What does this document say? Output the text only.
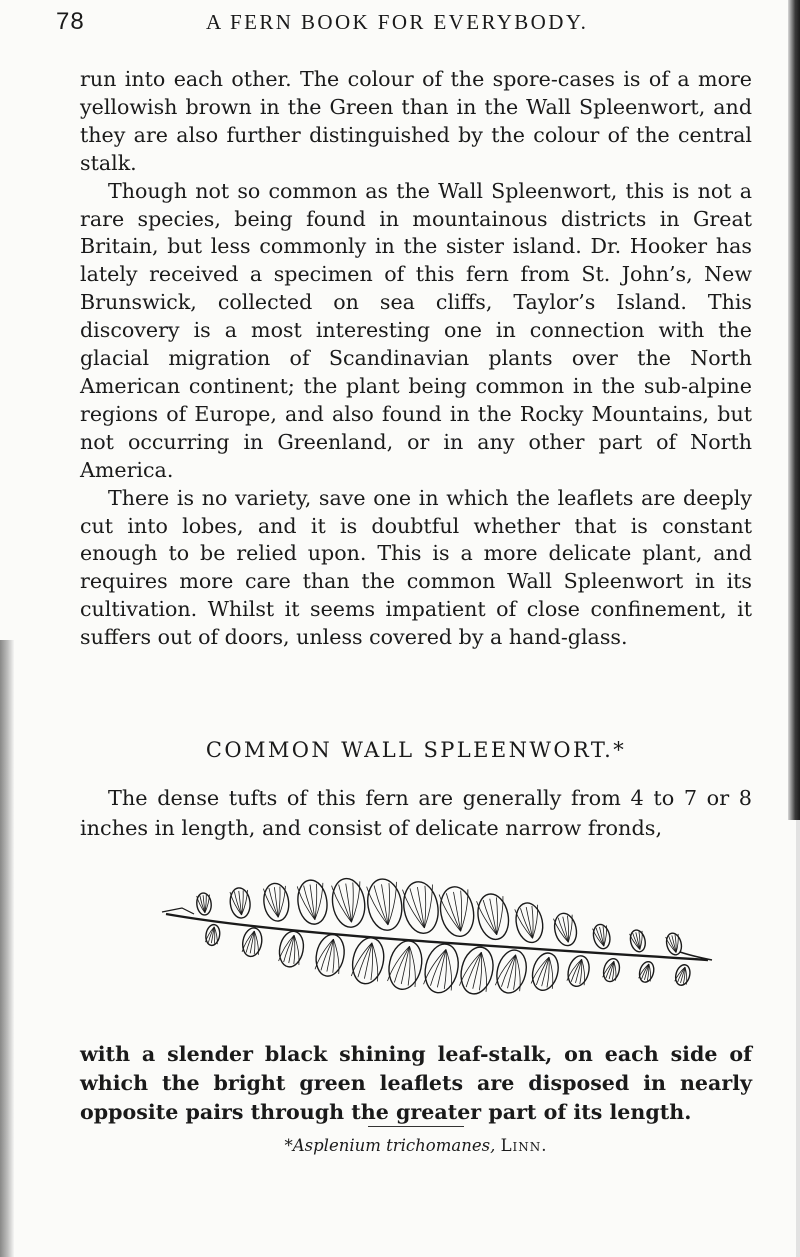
78	A FERN BOOK FOR EVERYBODY.

run into each other. The colour of the spore-cases is of a more yellowish brown in the Green than in the Wall Spleenwort, and they are also further distinguished by the colour of the central stalk.

Though not so common as the Wall Spleenwort, this is not a rare species, being found in mountainous districts in Great Britain, but less commonly in the sister island. Dr. Hooker has lately received a specimen of this fern from St. John’s, New Brunswick, collected on sea cliffs, Taylor’s Island. This discovery is a most interesting one in connection with the glacial migration of Scandinavian plants over the North American continent; the plant being common in the sub-alpine regions of Europe, and also found in the Rocky Mountains, but not occurring in Greenland, or in any other part of North America.

There is no variety, save one in which the leaflets are deeply cut into lobes, and it is doubtful whether that is constant enough to be relied upon. This is a more delicate plant, and requires more care than the common Wall Spleenwort in its cultivation. Whilst it seems impatient of close confinement, it suffers out of doors, unless covered by a hand-glass.

COMMON WALL SPLEENWORT.*

The dense tufts of this fern are generally from 4 to 7 or 8 inches in length, and consist of delicate narrow fronds,

with a slender black shining leaf-stalk, on each side of which the bright green leaflets are disposed in nearly opposite pairs through the greater part of its length.

*Asplenium trichomanes, Linn.
